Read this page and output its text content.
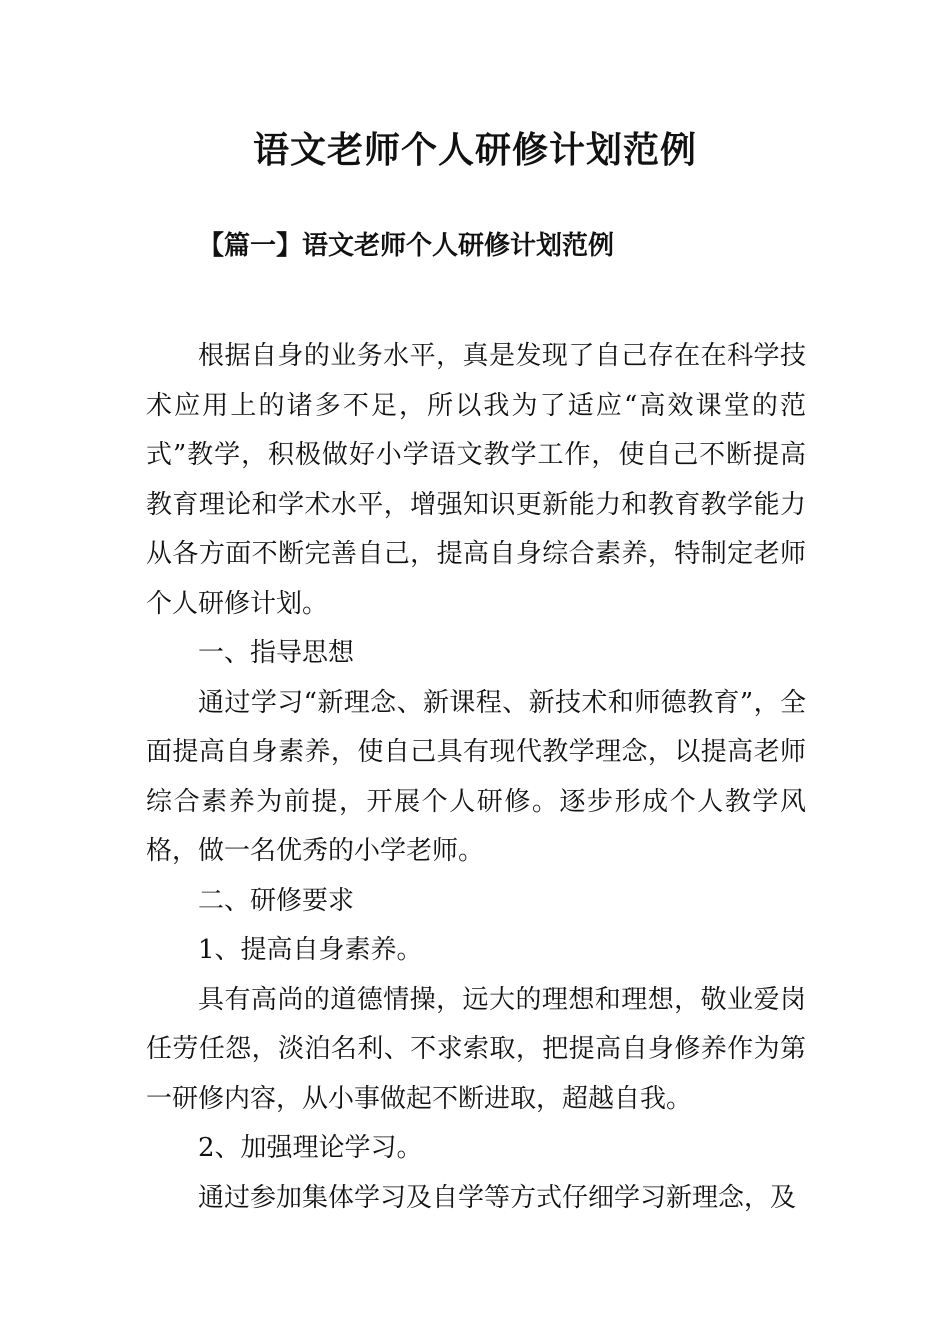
语文老师个人研修计划范例
【篇一】语文老师个人研修计划范例

根据自身的业务水平，真是发现了自己存在在科学技术应用上的诸多不足，所以我为了适应“高效课堂的范式”教学，积极做好小学语文教学工作，使自己不断提高教育理论和学术水平，增强知识更新能力和教育教学能力从各方面不断完善自己，提高自身综合素养，特制定老师个人研修计划。

一、指导思想

通过学习“新理念、新课程、新技术和师德教育”，全面提高自身素养，使自己具有现代教学理念，以提高老师综合素养为前提，开展个人研修。逐步形成个人教学风格，做一名优秀的小学老师。

二、研修要求

1、提高自身素养。

具有高尚的道德情操，远大的理想和理想，敬业爱岗任劳任怨，淡泊名利、不求索取，把提高自身修养作为第一研修内容，从小事做起不断进取，超越自我。

2、加强理论学习。

通过参加集体学习及自学等方式仔细学习新理念，及
